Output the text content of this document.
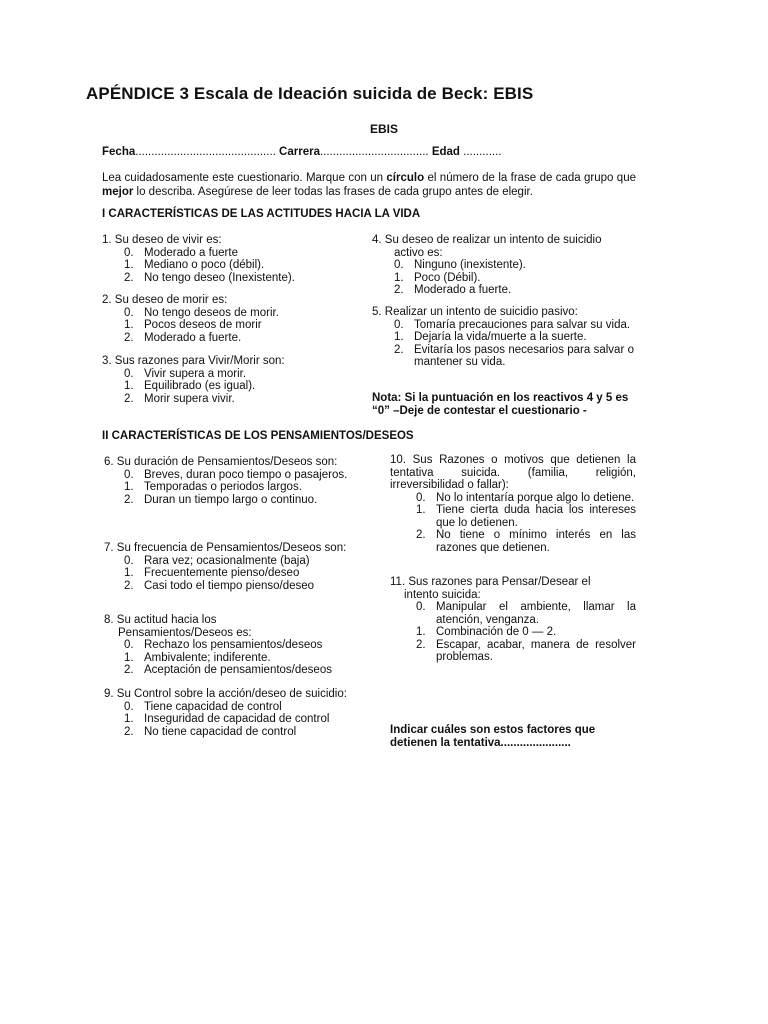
APÉNDICE 3 Escala de Ideación suicida de Beck: EBIS
EBIS
Fecha............................................ Carrera.................................. Edad ............
Lea cuidadosamente este cuestionario. Marque con un círculo el número de la frase de cada grupo que mejor lo describa. Asegúrese de leer todas las frases de cada grupo antes de elegir.
I CARACTERÍSTICAS DE LAS ACTITUDES HACIA LA VIDA
1. Su deseo de vivir es:
0. Moderado a fuerte
1. Mediano o poco (débil).
2. No tengo deseo (Inexistente).
2. Su deseo de morir es:
0. No tengo deseos de morir.
1. Pocos deseos de morir
2. Moderado a fuerte.
3. Sus razones para Vivir/Morir son:
0. Vivir supera a morir.
1. Equilibrado (es igual).
2. Morir supera vivir.
4. Su deseo de realizar un intento de suicidio
activo es:
0. Ninguno (inexistente).
1. Poco (Débil).
2. Moderado a fuerte.
5. Realizar un intento de suicidio pasivo:
0. Tomaría precauciones para salvar su vida.
1. Dejaría la vida/muerte a la suerte.
2. Evitaría los pasos necesarios para salvar o mantener su vida.
Nota: Si la puntuación en los reactivos 4 y 5 es “0” –Deje de contestar el cuestionario -
II CARACTERÍSTICAS DE LOS PENSAMIENTOS/DESEOS
6. Su duración de Pensamientos/Deseos son:
0. Breves, duran poco tiempo o pasajeros.
1. Temporadas o periodos largos.
2. Duran un tiempo largo o continuo.
7. Su frecuencia de Pensamientos/Deseos son:
0. Rara vez; ocasionalmente (baja)
1. Frecuentemente pienso/deseo
2. Casi todo el tiempo pienso/deseo
8. Su actitud hacia los
Pensamientos/Deseos es:
0. Rechazo los pensamientos/deseos
1. Ambivalente; indiferente.
2. Aceptación de pensamientos/deseos
9. Su Control sobre la acción/deseo de suicidio:
0. Tiene capacidad de control
1. Inseguridad de capacidad de control
2. No tiene capacidad de control
10. Sus Razones o motivos que detienen la tentativa suicida. (familia, religión, irreversibilidad o fallar):
0. No lo intentaría porque algo lo detiene.
1. Tiene cierta duda hacia los intereses que lo detienen.
2. No tiene o mínimo interés en las razones que detienen.
11. Sus razones para Pensar/Desear el
intento suicida:
0. Manipular el ambiente, llamar la atención, venganza.
1. Combinación de 0 — 2.
2. Escapar, acabar, manera de resolver problemas.
Indicar cuáles son estos factores que detienen la tentativa......................
